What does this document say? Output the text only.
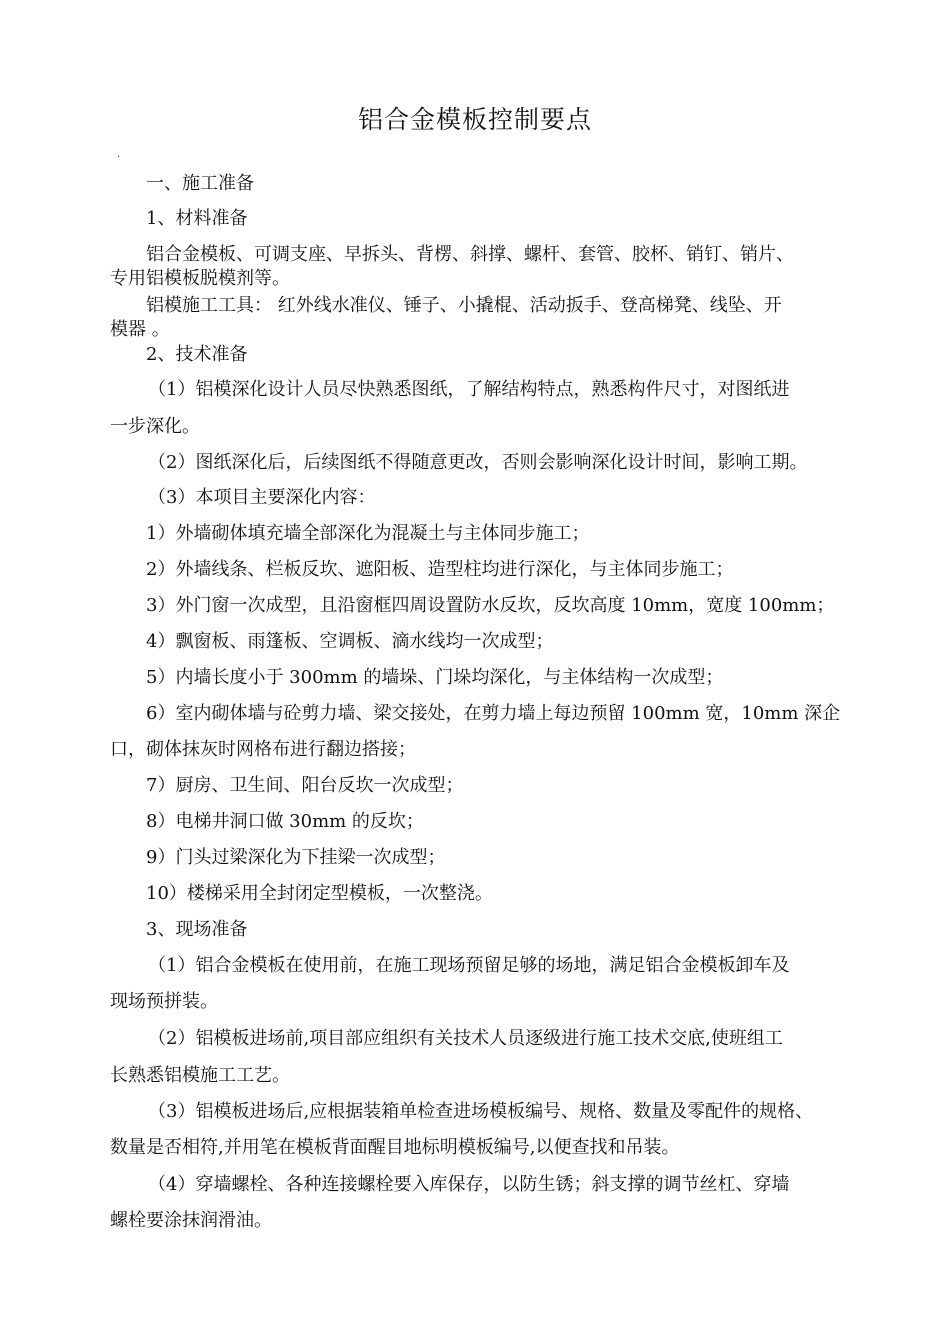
铝合金模板控制要点
.
一、施工准备
1、材料准备
铝合金模板、可调支座、早拆头、背楞、斜撑、螺杆、套管、胶杯、销钉、销片、
专用铝模板脱模剂等。
铝模施工工具： 红外线水准仪、锤子、小撬棍、活动扳手、登高梯凳、线坠、开
模器 。
2、技术准备
（1）铝模深化设计人员尽快熟悉图纸，了解结构特点，熟悉构件尺寸，对图纸进
一步深化。
（2）图纸深化后，后续图纸不得随意更改，否则会影响深化设计时间，影响工期。
（3）本项目主要深化内容：
1）外墙砌体填充墙全部深化为混凝土与主体同步施工；
2）外墙线条、栏板反坎、遮阳板、造型柱均进行深化，与主体同步施工；
3）外门窗一次成型，且沿窗框四周设置防水反坎，反坎高度 10mm，宽度 100mm；
4）飘窗板、雨篷板、空调板、滴水线均一次成型；
5）内墙长度小于 300mm 的墙垛、门垛均深化，与主体结构一次成型；
6）室内砌体墙与砼剪力墙、梁交接处，在剪力墙上每边预留 100mm 宽，10mm 深企
口，砌体抹灰时网格布进行翻边搭接；
7）厨房、卫生间、阳台反坎一次成型；
8）电梯井洞口做 30mm 的反坎；
9）门头过梁深化为下挂梁一次成型；
10）楼梯采用全封闭定型模板，一次整浇。
3、现场准备
（1）铝合金模板在使用前，在施工现场预留足够的场地，满足铝合金模板卸车及
现场预拼装。
（2）铝模板进场前,项目部应组织有关技术人员逐级进行施工技术交底,使班组工
长熟悉铝模施工工艺。
（3）铝模板进场后,应根据装箱单检查进场模板编号、规格、数量及零配件的规格、
数量是否相符,并用笔在模板背面醒目地标明模板编号,以便查找和吊装。
（4）穿墙螺栓、各种连接螺栓要入库保存，以防生锈；斜支撑的调节丝杠、穿墙
螺栓要涂抹润滑油。
